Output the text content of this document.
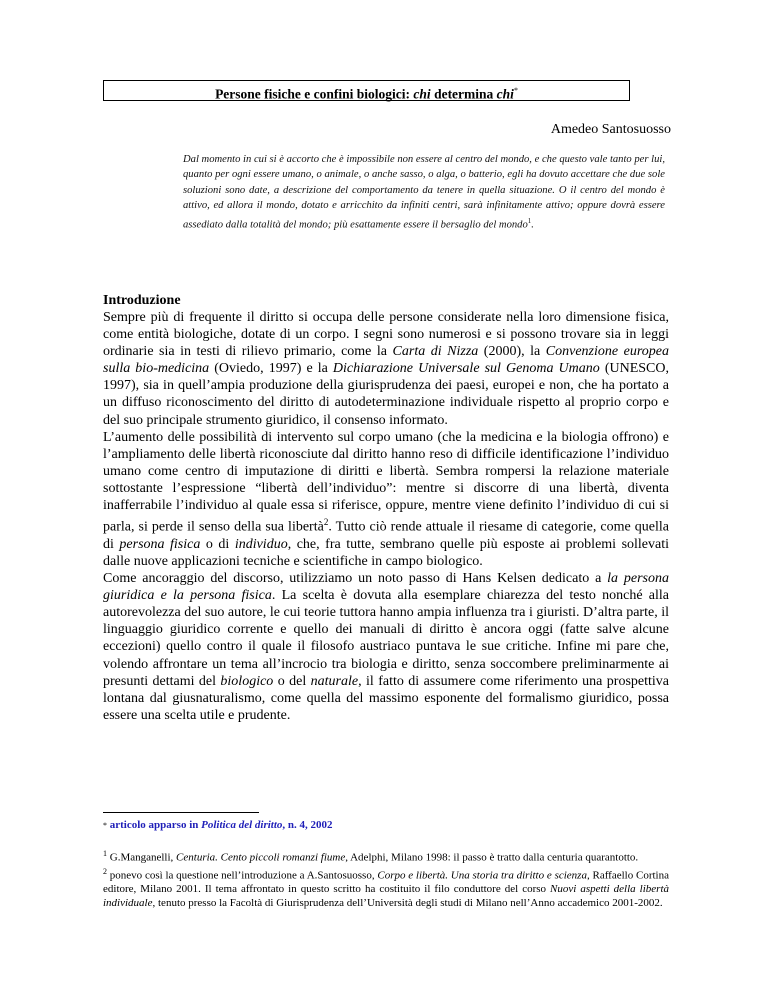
Persone fisiche e confini biologici: chi determina chi*
Amedeo Santosuosso
Dal momento in cui si è accorto che è impossibile non essere al centro del mondo, e che questo vale tanto per lui, quanto per ogni essere umano, o animale, o anche sasso, o alga, o batterio, egli ha dovuto accettare che due sole soluzioni sono date, a descrizione del comportamento da tenere in quella situazione. O il centro del mondo è attivo, ed allora il mondo, dotato e arricchito da infiniti centri, sarà infinitamente attivo; oppure dovrà essere assediato dalla totalità del mondo; più esattamente essere il bersaglio del mondo$^1$.
Introduzione

Sempre più di frequente il diritto si occupa delle persone considerate nella loro dimensione fisica, come entità biologiche, dotate di un corpo. I segni sono numerosi e si possono trovare sia in leggi ordinarie sia in testi di rilievo primario, come la Carta di Nizza (2000), la Convenzione europea sulla bio-medicina (Oviedo, 1997) e la Dichiarazione Universale sul Genoma Umano (UNESCO, 1997), sia in quell’ampia produzione della giurisprudenza dei paesi, europei e non, che ha portato a un diffuso riconoscimento del diritto di autodeterminazione individuale rispetto al proprio corpo e del suo principale strumento giuridico, il consenso informato.

L’aumento delle possibilità di intervento sul corpo umano (che la medicina e la biologia offrono) e l’ampliamento delle libertà riconosciute dal diritto hanno reso di difficile identificazione l’individuo umano come centro di imputazione di diritti e libertà. Sembra rompersi la relazione materiale sottostante l’espressione “libertà dell’individuo”: mentre si discorre di una libertà, diventa inafferrabile l’individuo al quale essa si riferisce, oppure, mentre viene definito l’individuo di cui si parla, si perde il senso della sua libertà$^2$. Tutto ciò rende attuale il riesame di categorie, come quella di persona fisica o di individuo, che, fra tutte, sembrano quelle più esposte ai problemi sollevati dalle nuove applicazioni tecniche e scientifiche in campo biologico.

Come ancoraggio del discorso, utilizziamo un noto passo di Hans Kelsen dedicato a la persona giuridica e la persona fisica. La scelta è dovuta alla esemplare chiarezza del testo nonché alla autorevolezza del suo autore, le cui teorie tuttora hanno ampia influenza tra i giuristi. D’altra parte, il linguaggio giuridico corrente e quello dei manuali di diritto è ancora oggi (fatte salve alcune eccezioni) quello contro il quale il filosofo austriaco puntava le sue critiche. Infine mi pare che, volendo affrontare un tema all’incrocio tra biologia e diritto, senza soccombere preliminarmente ai presunti dettami del biologico o del naturale, il fatto di assumere come riferimento una prospettiva lontana dal giusnaturalismo, come quella del massimo esponente del formalismo giuridico, possa essere una scelta utile e prudente.

* articolo apparso in Politica del diritto, n. 4, 2002

$^1$ G.Manganelli, Centuria. Cento piccoli romanzi fiume, Adelphi, Milano 1998: il passo è tratto dalla centuria quarantotto.

$^2$ ponevo così la questione nell’introduzione a A.Santosuosso, Corpo e libertà. Una storia tra diritto e scienza, Raffaello Cortina editore, Milano 2001. Il tema affrontato in questo scritto ha costituito il filo conduttore del corso Nuovi aspetti della libertà individuale, tenuto presso la Facoltà di Giurisprudenza dell’Università degli studi di Milano nell’Anno accademico 2001-2002.
